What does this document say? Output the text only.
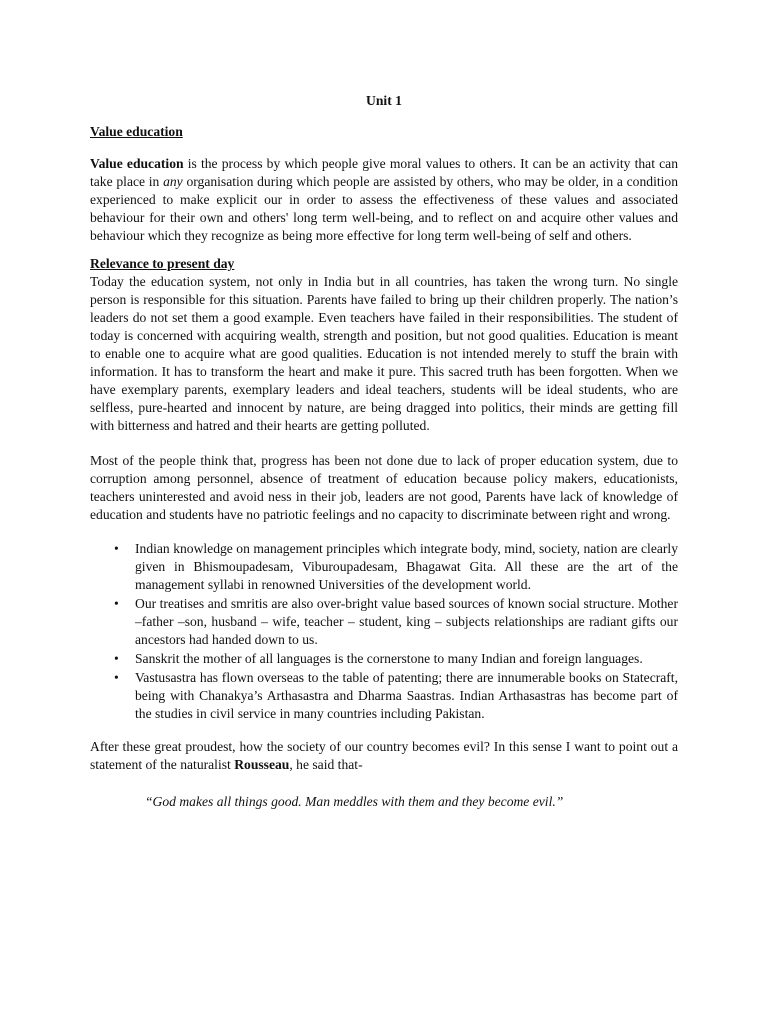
Unit 1
Value education

Value education is the process by which people give moral values to others. It can be an activity that can take place in any organisation during which people are assisted by others, who may be older, in a condition experienced to make explicit our in order to assess the effectiveness of these values and associated behaviour for their own and others' long term well-being, and to reflect on and acquire other values and behaviour which they recognize as being more effective for long term well-being of self and others.

Relevance to present day

Today the education system, not only in India but in all countries, has taken the wrong turn. No single person is responsible for this situation. Parents have failed to bring up their children properly. The nation’s leaders do not set them a good example. Even teachers have failed in their responsibilities. The student of today is concerned with acquiring wealth, strength and position, but not good qualities. Education is meant to enable one to acquire what are good qualities. Education is not intended merely to stuff the brain with information. It has to transform the heart and make it pure. This sacred truth has been forgotten. When we have exemplary parents, exemplary leaders and ideal teachers, students will be ideal students, who are selfless, pure-hearted and innocent by nature, are being dragged into politics, their minds are getting fill with bitterness and hatred and their hearts are getting polluted.

Most of the people think that, progress has been not done due to lack of proper education system, due to corruption among personnel, absence of treatment of education because policy makers, educationists, teachers uninterested and avoid ness in their job, leaders are not good, Parents have lack of knowledge of education and students have no patriotic feelings and no capacity to discriminate between right and wrong.

• Indian knowledge on management principles which integrate body, mind, society, nation are clearly given in Bhismoupadesam, Viburoupadesam, Bhagawat Gita. All these are the art of the management syllabi in renowned Universities of the development world.
• Our treatises and smritis are also over-bright value based sources of known social structure. Mother –father –son, husband – wife, teacher – student, king – subjects relationships are radiant gifts our ancestors had handed down to us.
• Sanskrit the mother of all languages is the cornerstone to many Indian and foreign languages.
• Vastusastra has flown overseas to the table of patenting; there are innumerable books on Statecraft, being with Chanakya’s Arthasastra and Dharma Saastras. Indian Arthasastras has become part of the studies in civil service in many countries including Pakistan.

After these great proudest, how the society of our country becomes evil? In this sense I want to point out a statement of the naturalist Rousseau, he said that-

“God makes all things good. Man meddles with them and they become evil.”
